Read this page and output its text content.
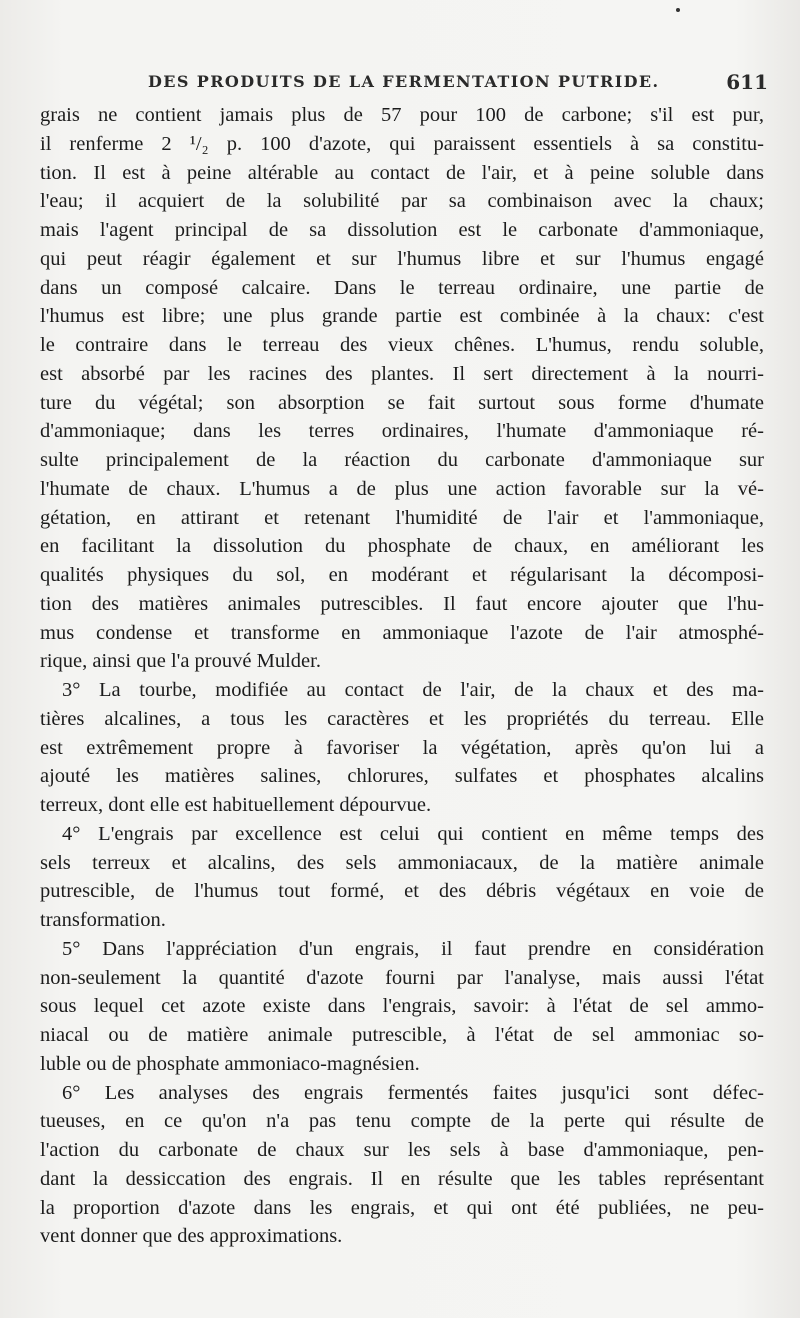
DES PRODUITS DE LA FERMENTATION PUTRIDE.	611
grais ne contient jamais plus de 57 pour 100 de carbone; s'il est pur,
il renferme 2 ¹/₂ p. 100 d'azote, qui paraissent essentiels à sa constitu-
tion. Il est à peine altérable au contact de l'air, et à peine soluble dans
l'eau; il acquiert de la solubilité par sa combinaison avec la chaux;
mais l'agent principal de sa dissolution est le carbonate d'ammoniaque,
qui peut réagir également et sur l'humus libre et sur l'humus engagé
dans un composé calcaire. Dans le terreau ordinaire, une partie de
l'humus est libre; une plus grande partie est combinée à la chaux: c'est
le contraire dans le terreau des vieux chênes. L'humus, rendu soluble,
est absorbé par les racines des plantes. Il sert directement à la nourri-
ture du végétal; son absorption se fait surtout sous forme d'humate
d'ammoniaque; dans les terres ordinaires, l'humate d'ammoniaque ré-
sulte principalement de la réaction du carbonate d'ammoniaque sur
l'humate de chaux. L'humus a de plus une action favorable sur la vé-
gétation, en attirant et retenant l'humidité de l'air et l'ammoniaque,
en facilitant la dissolution du phosphate de chaux, en améliorant les
qualités physiques du sol, en modérant et régularisant la décomposi-
tion des matières animales putrescibles. Il faut encore ajouter que l'hu-
mus condense et transforme en ammoniaque l'azote de l'air atmosphé-
rique, ainsi que l'a prouvé Mulder.
3° La tourbe, modifiée au contact de l'air, de la chaux et des ma-
tières alcalines, a tous les caractères et les propriétés du terreau. Elle
est extrêmement propre à favoriser la végétation, après qu'on lui a
ajouté les matières salines, chlorures, sulfates et phosphates alcalins
terreux, dont elle est habituellement dépourvue.
4° L'engrais par excellence est celui qui contient en même temps des
sels terreux et alcalins, des sels ammoniacaux, de la matière animale
putrescible, de l'humus tout formé, et des débris végétaux en voie de
transformation.
5° Dans l'appréciation d'un engrais, il faut prendre en considération
non-seulement la quantité d'azote fourni par l'analyse, mais aussi l'état
sous lequel cet azote existe dans l'engrais, savoir: à l'état de sel ammo-
niacal ou de matière animale putrescible, à l'état de sel ammoniac so-
luble ou de phosphate ammoniaco-magnésien.
6° Les analyses des engrais fermentés faites jusqu'ici sont défec-
tueuses, en ce qu'on n'a pas tenu compte de la perte qui résulte de
l'action du carbonate de chaux sur les sels à base d'ammoniaque, pen-
dant la dessiccation des engrais. Il en résulte que les tables représentant
la proportion d'azote dans les engrais, et qui ont été publiées, ne peu-
vent donner que des approximations.
